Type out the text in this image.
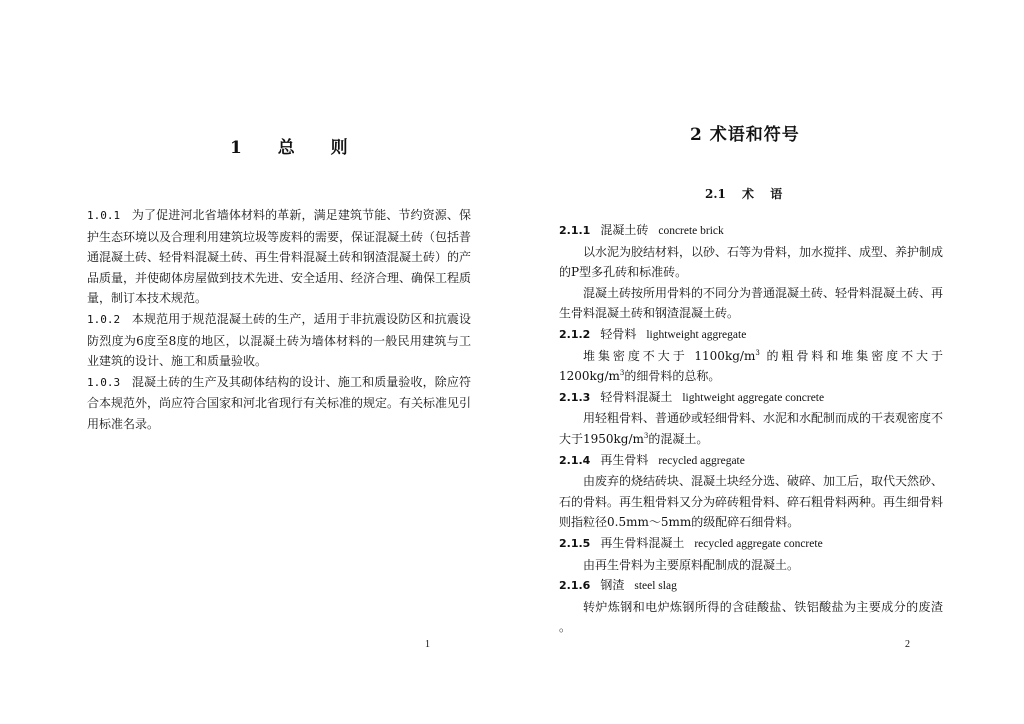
1 总 则

1.0.1 为了促进河北省墙体材料的革新，满足建筑节能、节约资源、保护生态环境以及合理利用建筑垃圾等废料的需要，保证混凝土砖（包括普通混凝土砖、轻骨料混凝土砖、再生骨料混凝土砖和钢渣混凝土砖）的产品质量，并使砌体房屋做到技术先进、安全适用、经济合理、确保工程质量，制订本技术规范。

1.0.2 本规范用于规范混凝土砖的生产，适用于非抗震设防区和抗震设防烈度为6度至8度的地区，以混凝土砖为墙体材料的一般民用建筑与工业建筑的设计、施工和质量验收。

1.0.3 混凝土砖的生产及其砌体结构的设计、施工和质量验收，除应符合本规范外，尚应符合国家和河北省现行有关标准的规定。有关标准见引用标准名录。

1
2 术语和符号
2.1 术 语

2.1.1 混凝土砖 concrete brick

以水泥为胶结材料，以砂、石等为骨料，加水搅拌、成型、养护制成的P型多孔砖和标准砖。

混凝土砖按所用骨料的不同分为普通混凝土砖、轻骨料混凝土砖、再生骨料混凝土砖和钢渣混凝土砖。

2.1.2 轻骨料 lightweight aggregate

堆集密度不大于 $1100kg/m^3$ 的粗骨料和堆集密度不大于$1200kg/m^3$的细骨料的总称。

2.1.3 轻骨料混凝土 lightweight aggregate concrete

用轻粗骨料、普通砂或轻细骨料、水泥和水配制而成的干表观密度不大于$1950kg/m^3$的混凝土。

2.1.4 再生骨料 recycled aggregate

由废弃的烧结砖块、混凝土块经分选、破碎、加工后，取代天然砂、石的骨料。再生粗骨料又分为碎砖粗骨料、碎石粗骨料两种。再生细骨料则指粒径0.5mm～5mm的级配碎石细骨料。

2.1.5 再生骨料混凝土 recycled aggregate concrete

由再生骨料为主要原料配制成的混凝土。

2.1.6 钢渣 steel slag

转炉炼钢和电炉炼钢所得的含硅酸盐、铁铝酸盐为主要成分的废渣 。

2
